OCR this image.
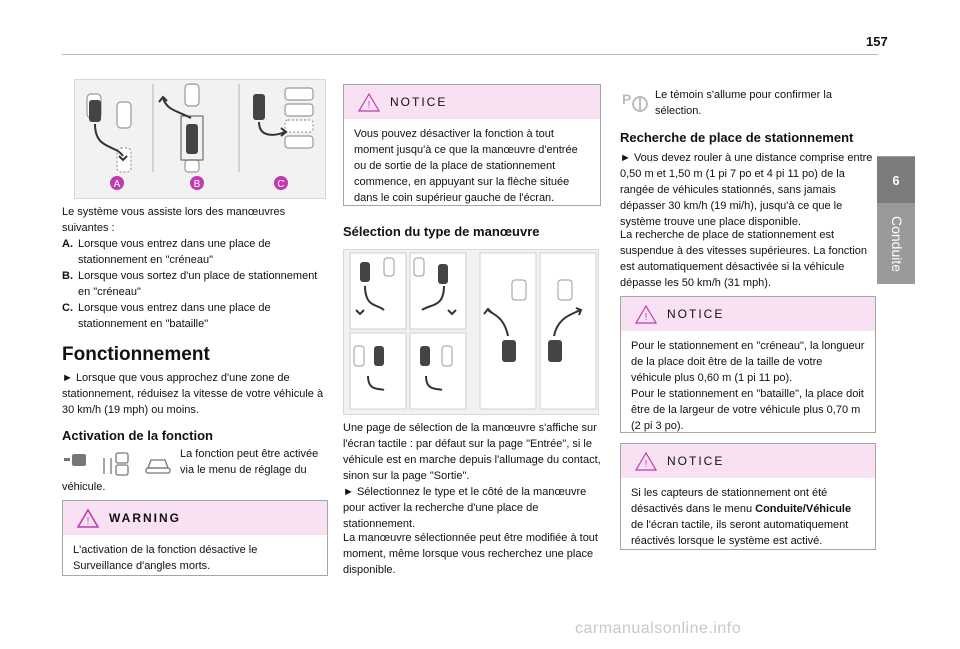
157
6
Conduite
A	B	C
Le système vous assiste lors des manœuvres suivantes :
A. Lorsque vous entrez dans une place de stationnement en "créneau"
B. Lorsque vous sortez d'un place de stationnement en "créneau"
C. Lorsque vous entrez dans une place de stationnement en "bataille"
Fonctionnement
► Lorsque que vous approchez d'une zone de stationnement, réduisez la vitesse de votre véhicule à 30 km/h (19 mph) ou moins.
Activation de la fonction
La fonction peut être activée via le menu de réglage du
véhicule.
! WARNING
L'activation de la fonction désactive le Surveillance d'angles morts.
! NOTICE
Vous pouvez désactiver la fonction à tout moment jusqu'à ce que la manœuvre d'entrée ou de sortie de la place de stationnement commence, en appuyant sur la flèche située dans le coin supérieur gauche de l'écran.
Sélection du type de manœuvre
Une page de sélection de la manœuvre s'affiche sur l'écran tactile : par défaut sur la page "Entrée", si le véhicule est en marche depuis l'allumage du contact, sinon sur la page "Sortie".
► Sélectionnez le type et le côté de la manœuvre pour activer la recherche d'une place de stationnement.
La manœuvre sélectionnée peut être modifiée à tout moment, même lorsque vous recherchez une place disponible.
P Le témoin s'allume pour confirmer la sélection.
Recherche de place de stationnement
► Vous devez rouler à une distance comprise entre 0,50 m et 1,50 m (1 pi 7 po et 4 pi 11 po) de la rangée de véhicules stationnés, sans jamais dépasser 30 km/h (19 mi/h), jusqu'à ce que le système trouve une place disponible.
La recherche de place de stationnement est suspendue à des vitesses supérieures. La fonction est automatiquement désactivée si la véhicule dépasse les 50 km/h (31 mph).
! NOTICE
Pour le stationnement en "créneau", la longueur de la place doit être de la taille de votre véhicule plus 0,60 m (1 pi 11 po).
Pour le stationnement en "bataille", la place doit être de la largeur de votre véhicule plus 0,70 m (2 pi 3 po).
! NOTICE
Si les capteurs de stationnement ont été désactivés dans le menu Conduite/Véhicule de l'écran tactile, ils seront automatiquement réactivés lorsque le système est activé.
carmanualsonline.info
